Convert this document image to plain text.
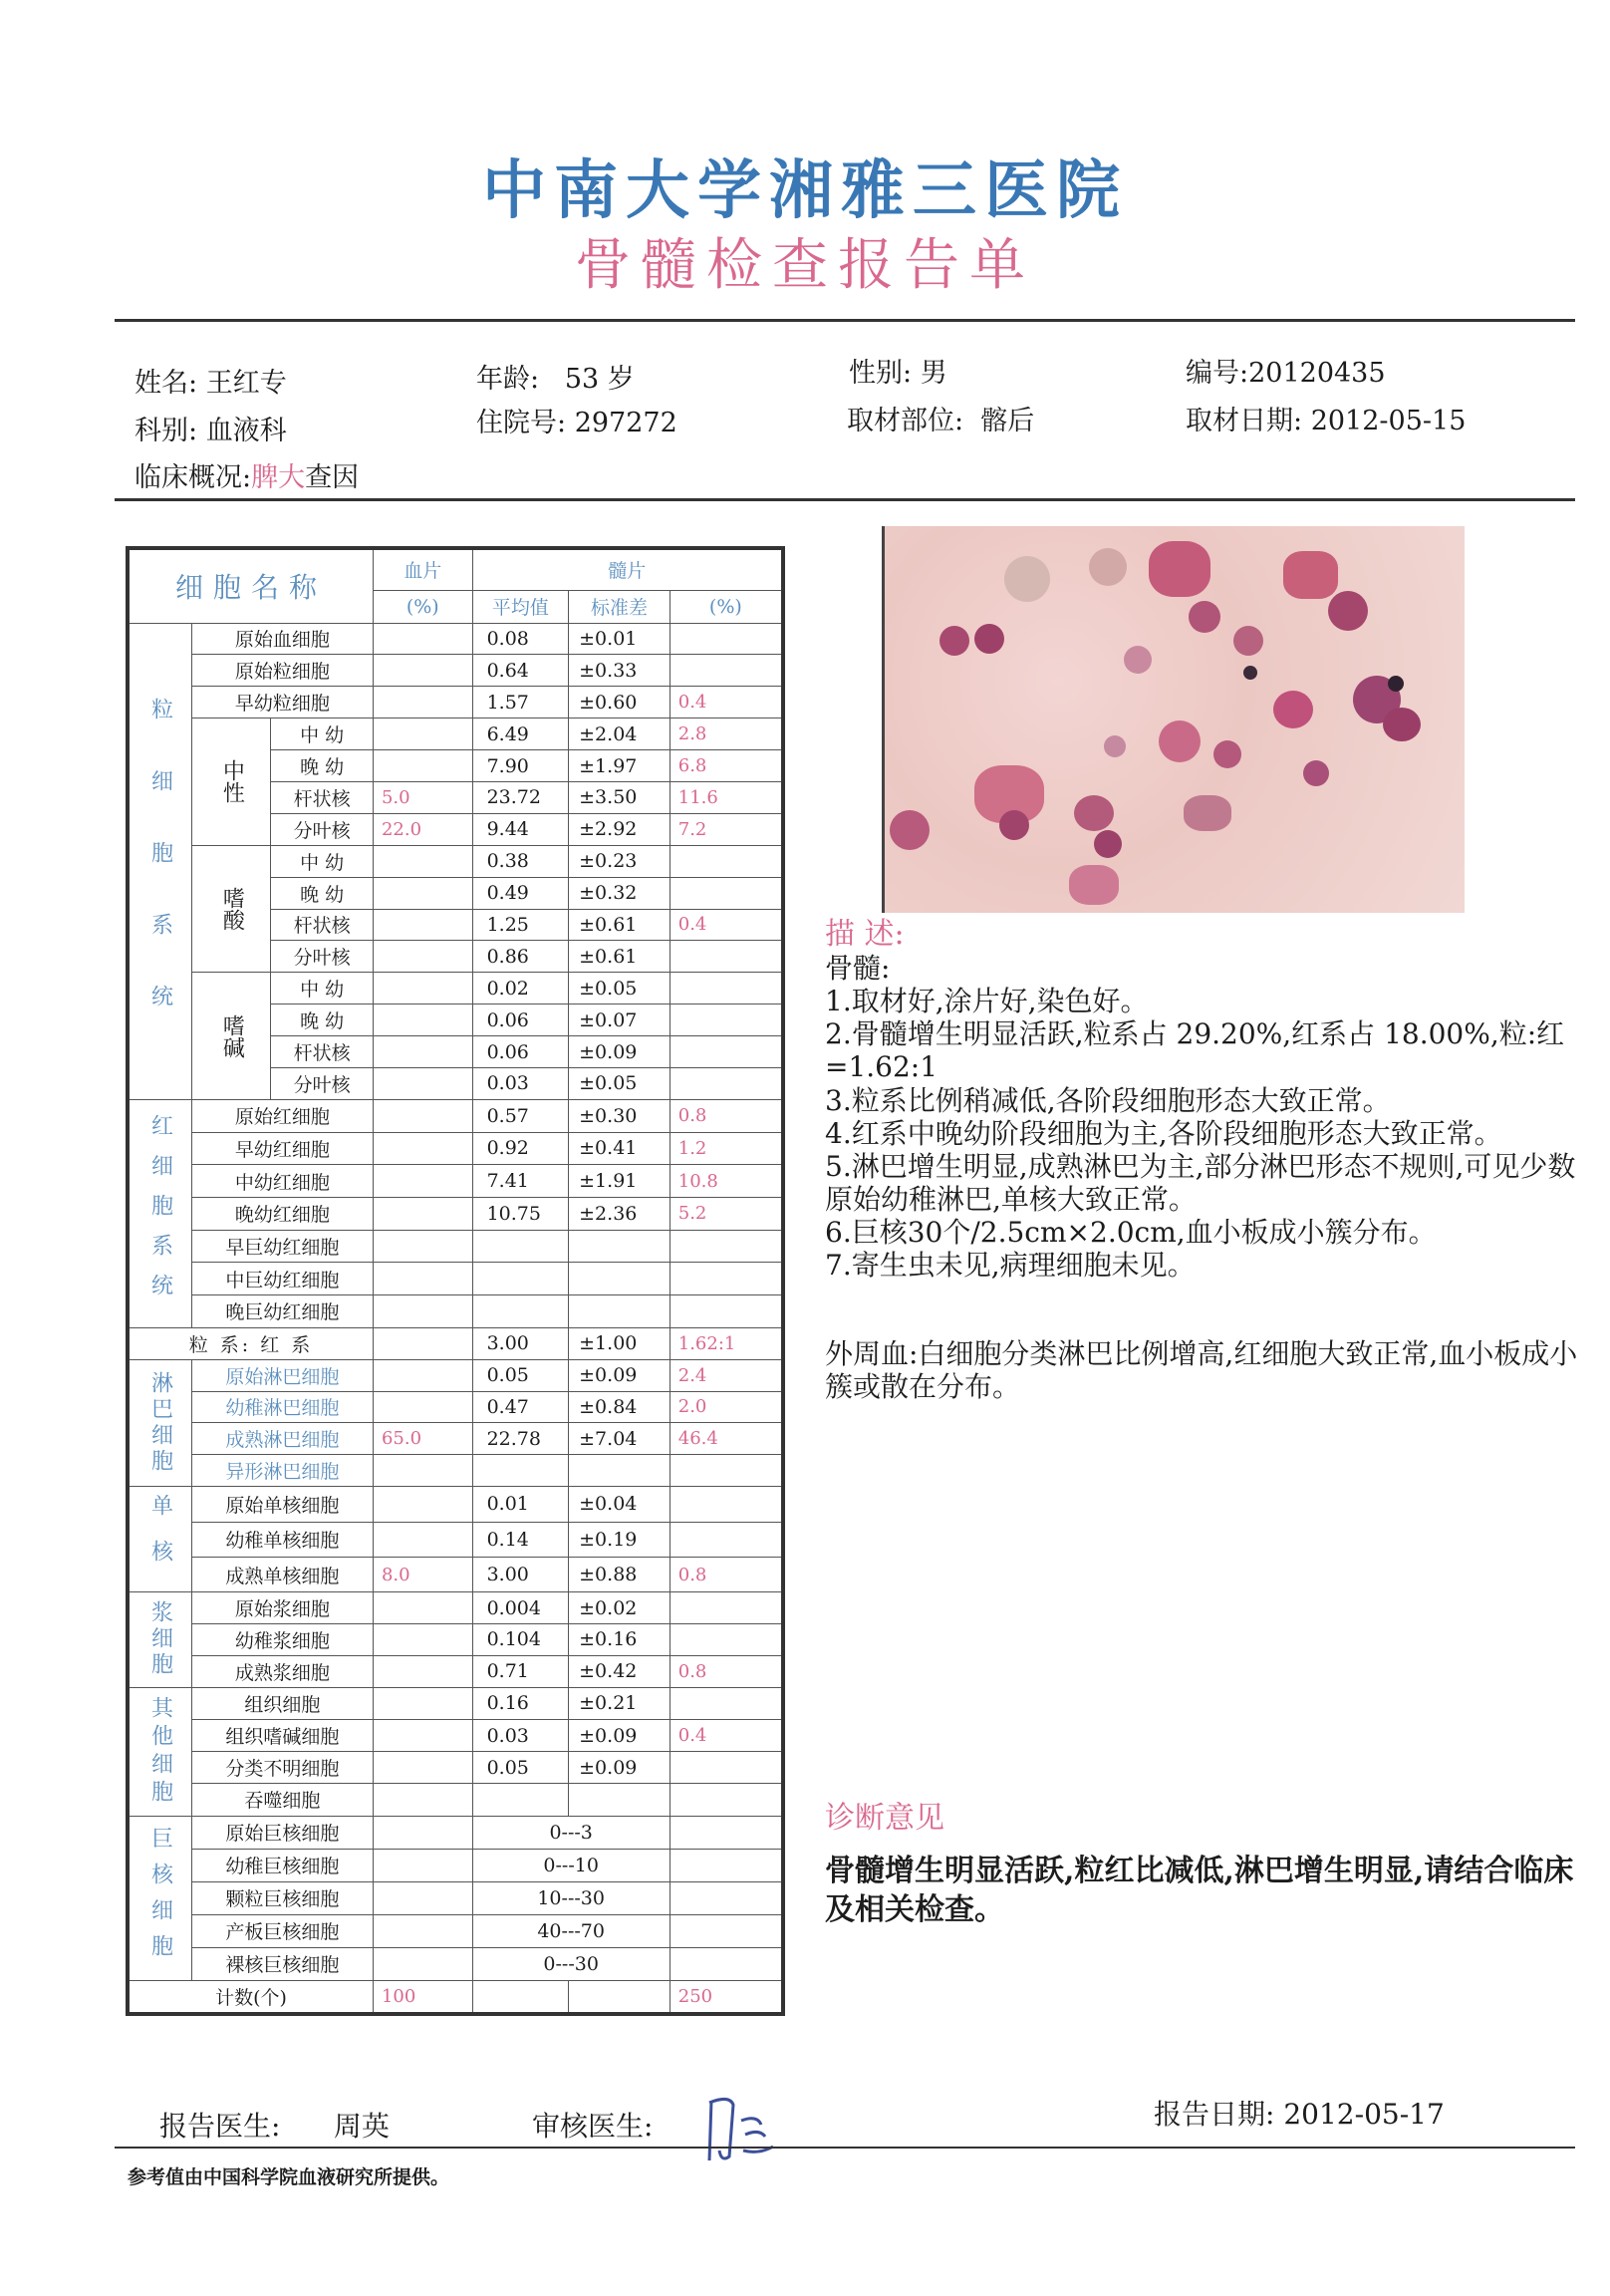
中南大学湘雅三医院
骨髓检查报告单
姓名: 王红专	年龄: 53 岁	性别: 男	编号:20120435
科别: 血液科	住院号: 297272	取材部位: 髂后	取材日期: 2012-05-15
临床概况:脾大查因
细胞名称			血片	髓片		
			(%)	平均值	标准差	(%)
	原始血细胞			0.08	±0.01	
粒细胞系统	原始粒细胞			0.64	±0.33	
	早幼粒细胞			1.57	±0.60	0.4
	中性	中 幼		6.49	±2.04	2.8
		晚 幼		7.90	±1.97	6.8
		杆状核	5.0	23.72	±3.50	11.6
		分叶核	22.0	9.44	±2.92	7.2
	嗜酸	中 幼		0.38	±0.23	
		晚 幼		0.49	±0.32	
		杆状核		1.25	±0.61	0.4
		分叶核		0.86	±0.61	
	嗜碱	中 幼		0.02	±0.05	
		晚 幼		0.06	±0.07	
		杆状核		0.06	±0.09	
		分叶核		0.03	±0.05	
红细胞系统	原始红细胞			0.57	±0.30	0.8
	早幼红细胞			0.92	±0.41	1.2
	中幼红细胞			7.41	±1.91	10.8
	晚幼红细胞			10.75	±2.36	5.2
	早巨幼红细胞					
	中巨幼红细胞					
	晚巨幼红细胞					
粒 系: 红 系				3.00	±1.00	1.62:1
淋巴细胞	原始淋巴细胞			0.05	±0.09	2.4
	幼稚淋巴细胞			0.47	±0.84	2.0
	成熟淋巴细胞		65.0	22.78	±7.04	46.4
	异形淋巴细胞					
单核	原始单核细胞			0.01	±0.04	
	幼稚单核细胞			0.14	±0.19	
	成熟单核细胞		8.0	3.00	±0.88	0.8
浆细胞	原始浆细胞			0.004	±0.02	
	幼稚浆细胞			0.104	±0.16	
	成熟浆细胞			0.71	±0.42	0.8
其他细胞	组织细胞			0.16	±0.21	
	组织嗜碱细胞			0.03	±0.09	0.4
	分类不明细胞			0.05	±0.09	
	吞噬细胞					
巨核细胞	原始巨核细胞			0---3		
	幼稚巨核细胞			0---10		
	颗粒巨核细胞			10---30		
	产板巨核细胞			40---70		
	裸核巨核细胞			0---30		
计数(个)			100			250
描 述:

骨髓:

1.取材好,涂片好,染色好。

2.骨髓增生明显活跃,粒系占 29.20%,红系占 18.00%,粒:红=1.62:1

3.粒系比例稍减低,各阶段细胞形态大致正常。

4.红系中晚幼阶段细胞为主,各阶段细胞形态大致正常。

5.淋巴增生明显,成熟淋巴为主,部分淋巴形态不规则,可见少数原始幼稚淋巴,单核大致正常。

6.巨核30个/2.5cm×2.0cm,血小板成小簇分布。

7.寄生虫未见,病理细胞未见。

外周血:白细胞分类淋巴比例增高,红细胞大致正常,血小板成小簇或散在分布。

诊断意见
骨髓增生明显活跃,粒红比减低,淋巴增生明显,请结合临床及相关检查。
报告医生: 周英	审核医生:	报告日期: 2012-05-17
参考值由中国科学院血液研究所提供。
